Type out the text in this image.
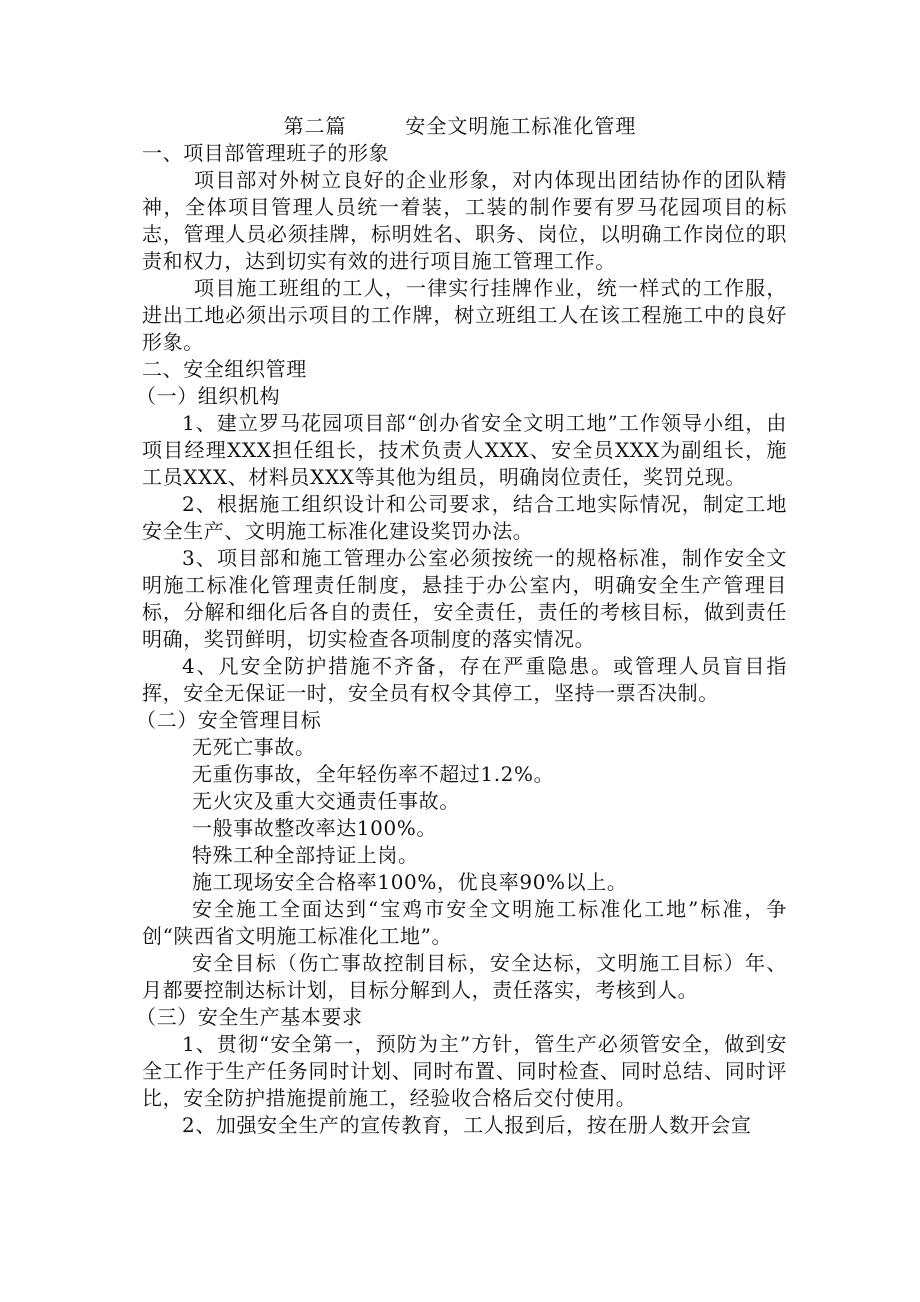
第二篇        安全文明施工标准化管理

一、项目部管理班子的形象

项目部对外树立良好的企业形象，对内体现出团结协作的团队精神，全体项目管理人员统一着装，工装的制作要有罗马花园项目的标志，管理人员必须挂牌，标明姓名、职务、岗位，以明确工作岗位的职责和权力，达到切实有效的进行项目施工管理工作。

项目施工班组的工人，一律实行挂牌作业，统一样式的工作服，进出工地必须出示项目的工作牌，树立班组工人在该工程施工中的良好形象。

二、安全组织管理

（一）组织机构

1、建立罗马花园项目部“创办省安全文明工地”工作领导小组，由项目经理XXX担任组长，技术负责人XXX、安全员XXX为副组长，施工员XXX、材料员XXX等其他为组员，明确岗位责任，奖罚兑现。

2、根据施工组织设计和公司要求，结合工地实际情况，制定工地安全生产、文明施工标准化建设奖罚办法。

3、项目部和施工管理办公室必须按统一的规格标准，制作安全文明施工标准化管理责任制度，悬挂于办公室内，明确安全生产管理目标，分解和细化后各自的责任，安全责任，责任的考核目标，做到责任明确，奖罚鲜明，切实检查各项制度的落实情况。

4、凡安全防护措施不齐备，存在严重隐患。或管理人员盲目指挥，安全无保证一时，安全员有权令其停工，坚持一票否决制。

（二）安全管理目标

无死亡事故。

无重伤事故，全年轻伤率不超过1.2%。

无火灾及重大交通责任事故。

一般事故整改率达100%。

特殊工种全部持证上岗。

施工现场安全合格率100%，优良率90%以上。

安全施工全面达到“宝鸡市安全文明施工标准化工地”标准，争创“陕西省文明施工标准化工地”。

安全目标（伤亡事故控制目标，安全达标，文明施工目标）年、月都要控制达标计划，目标分解到人，责任落实，考核到人。

（三）安全生产基本要求

1、贯彻“安全第一，预防为主”方针，管生产必须管安全，做到安全工作于生产任务同时计划、同时布置、同时检查、同时总结、同时评比，安全防护措施提前施工，经验收合格后交付使用。

2、加强安全生产的宣传教育，工人报到后，按在册人数开会宣
